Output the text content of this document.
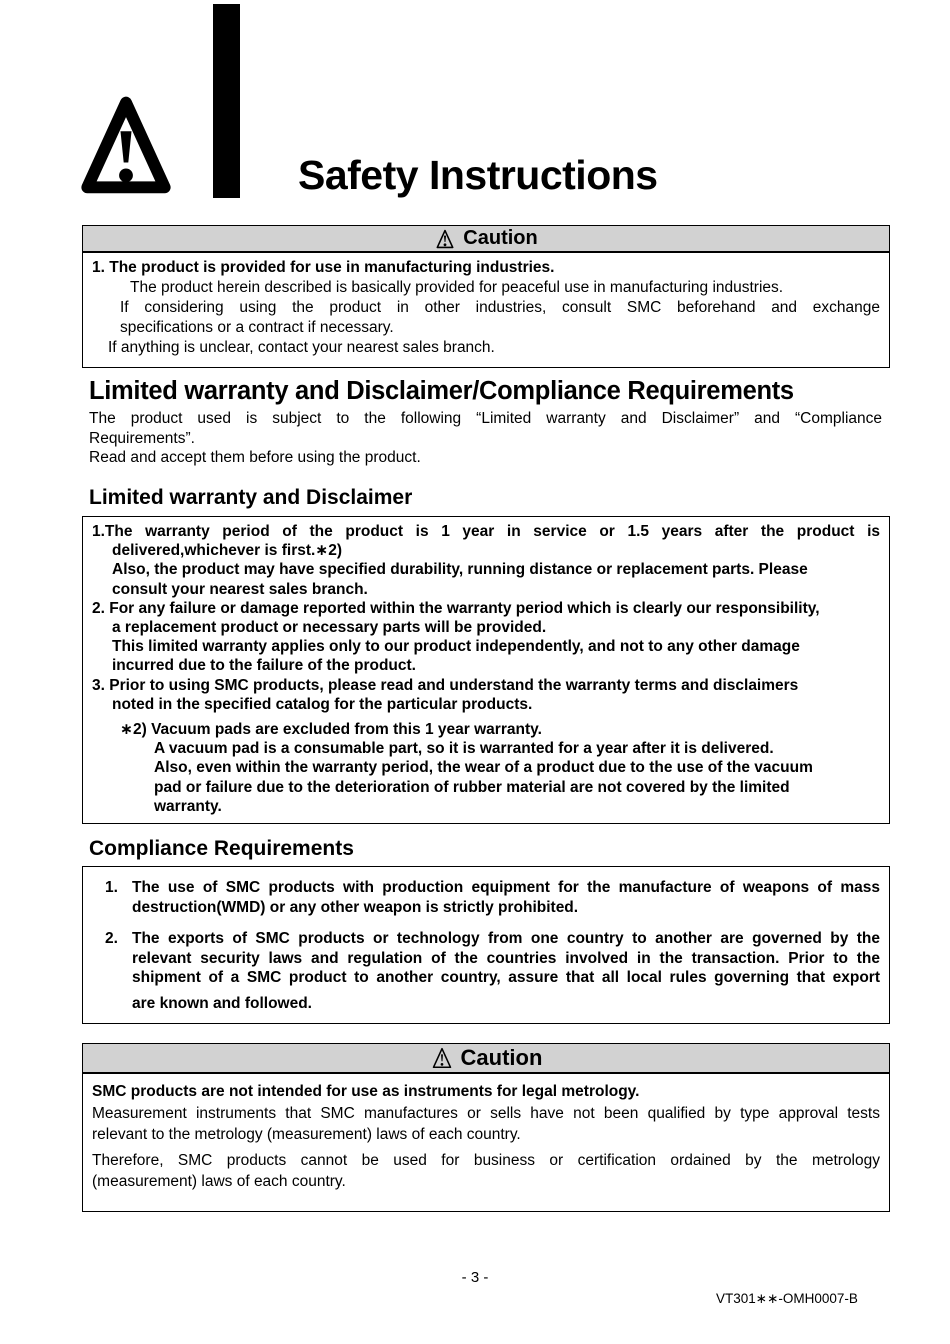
Safety Instructions
Caution
1. The product is provided for use in manufacturing industries.
The product herein described is basically provided for peaceful use in manufacturing industries.
If considering using the product in other industries, consult SMC beforehand and exchange
specifications or a contract if necessary.
If anything is unclear, contact your nearest sales branch.
Limited warranty and Disclaimer/Compliance Requirements
The product used is subject to the following “Limited warranty and Disclaimer” and “Compliance
Requirements”.
Read and accept them before using the product.
Limited warranty and Disclaimer
1.The warranty period of the product is 1 year in service or 1.5 years after the product is
delivered,whichever is first.∗2)
Also, the product may have specified durability, running distance or replacement parts. Please
consult your nearest sales branch.
2. For any failure or damage reported within the warranty period which is clearly our responsibility,
a replacement product or necessary parts will be provided.
This limited warranty applies only to our product independently, and not to any other damage
incurred due to the failure of the product.
3. Prior to using SMC products, please read and understand the warranty terms and disclaimers
noted in the specified catalog for the particular products.
∗2) Vacuum pads are excluded from this 1 year warranty.
A vacuum pad is a consumable part, so it is warranted for a year after it is delivered.
Also, even within the warranty period, the wear of a product due to the use of the vacuum
pad or failure due to the deterioration of rubber material are not covered by the limited
warranty.
Compliance Requirements
1. The use of SMC products with production equipment for the manufacture of weapons of mass
destruction(WMD) or any other weapon is strictly prohibited.
2. The exports of SMC products or technology from one country to another are governed by the
relevant security laws and regulation of the countries involved in the transaction. Prior to the
shipment of a SMC product to another country, assure that all local rules governing that export
are known and followed.
Caution
SMC products are not intended for use as instruments for legal metrology.
Measurement instruments that SMC manufactures or sells have not been qualified by type approval tests
relevant to the metrology (measurement) laws of each country.
Therefore, SMC products cannot be used for business or certification ordained by the metrology
(measurement) laws of each country.
- 3 -
VT301∗∗-OMH0007-B
